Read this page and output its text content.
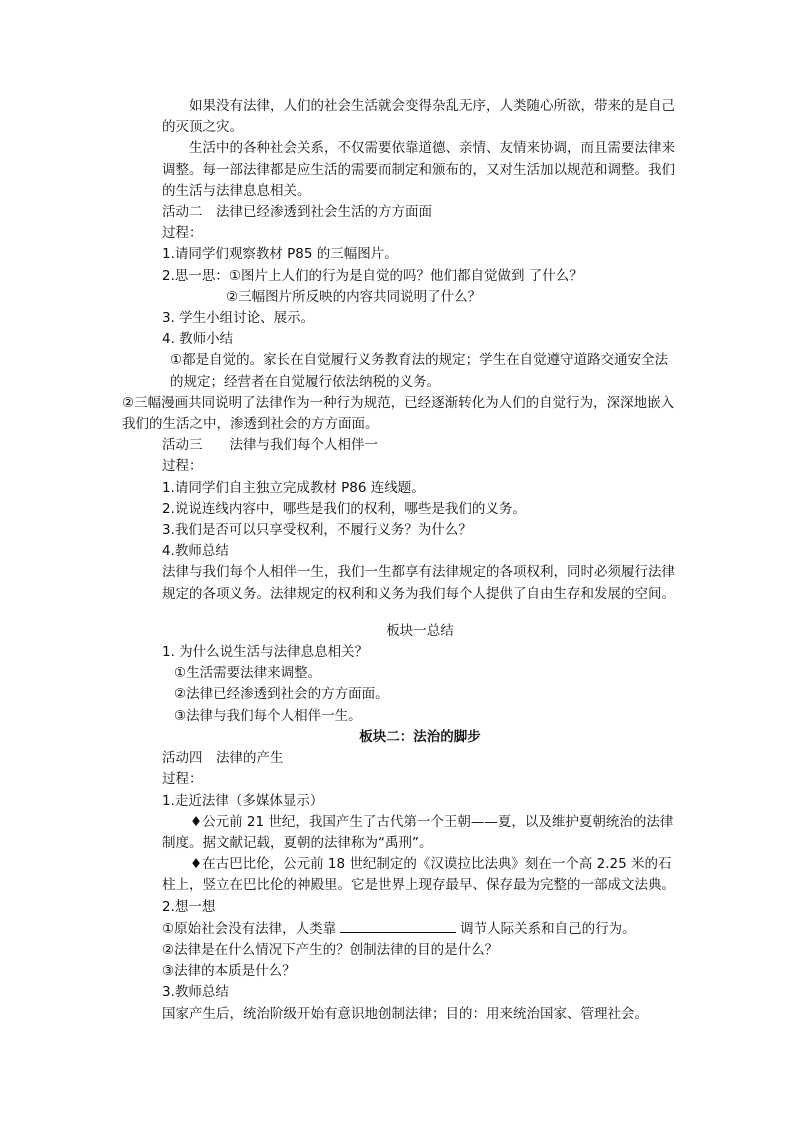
如果没有法律，人们的社会生活就会变得杂乱无序，人类随心所欲，带来的是自己的灭顶之灾。

生活中的各种社会关系，不仅需要依靠道德、亲情、友情来协调，而且需要法律来调整。每一部法律都是应生活的需要而制定和颁布的，又对生活加以规范和调整。我们的生活与法律息息相关。

活动二　法律已经渗透到社会生活的方方面面

过程：

1.请同学们观察教材 P85 的三幅图片。

2.思一思：①图片上人们的行为是自觉的吗？他们都自觉做到 了什么？

②三幅图片所反映的内容共同说明了什么？

3. 学生小组讨论、展示。

4. 教师小结

①都是自觉的。家长在自觉履行义务教育法的规定；学生在自觉遵守道路交通安全法的规定；经营者在自觉履行依法纳税的义务。

②三幅漫画共同说明了法律作为一种行为规范，已经逐渐转化为人们的自觉行为，深深地嵌入我们的生活之中，渗透到社会的方方面面。

活动三　　法律与我们每个人相伴一

过程：

1.请同学们自主独立完成教材 P86 连线题。

2.说说连线内容中，哪些是我们的权利，哪些是我们的义务。

3.我们是否可以只享受权利，不履行义务？为什么？

4.教师总结

法律与我们每个人相伴一生，我们一生都享有法律规定的各项权利，同时必须履行法律规定的各项义务。法律规定的权利和义务为我们每个人提供了自由生存和发展的空间。

板块一总结

1. 为什么说生活与法律息息相关？

①生活需要法律来调整。

②法律已经渗透到社会的方方面面。

③法律与我们每个人相伴一生。

板块二：法治的脚步

活动四　法律的产生

过程：

1.走近法律（多媒体显示）

♦公元前 21 世纪，我国产生了古代第一个王朝——夏，以及维护夏朝统治的法律制度。据文献记载，夏朝的法律称为“禹刑”。

♦在古巴比伦，公元前 18 世纪制定的《汉谟拉比法典》刻在一个高 2.25 米的石柱上，竖立在巴比伦的神殿里。它是世界上现存最早、保存最为完整的一部成文法典。

2.想一想

①原始社会没有法律，人类靠	调节人际关系和自己的行为。

②法律是在什么情况下产生的？创制法律的目的是什么？

③法律的本质是什么？

3.教师总结

国家产生后，统治阶级开始有意识地创制法律；目的：用来统治国家、管理社会。
